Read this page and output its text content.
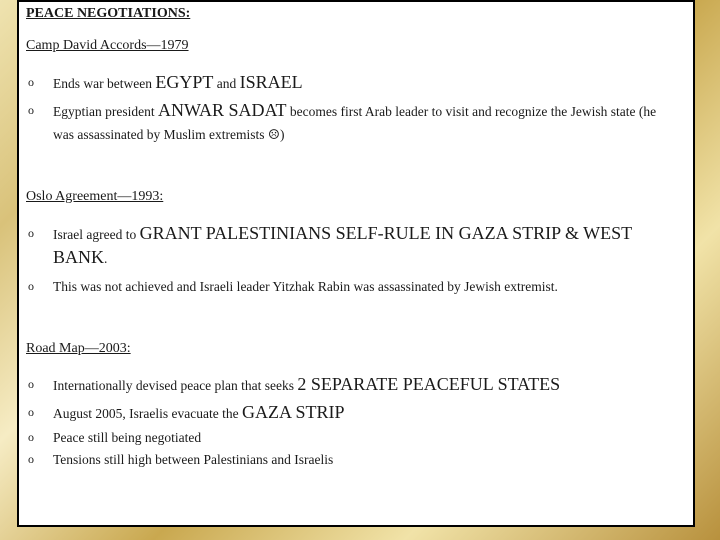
PEACE NEGOTIATIONS:
Camp David Accords—1979
o Ends war between EGYPT and ISRAEL
o Egyptian president ANWAR SADAT becomes first Arab leader to visit and recognize the Jewish state (he was assassinated by Muslim extremists ☹)
Oslo Agreement—1993:
o Israel agreed to GRANT PALESTINIANS SELF-RULE IN GAZA STRIP & WEST BANK.
o This was not achieved and Israeli leader Yitzhak Rabin was assassinated by Jewish extremist.
Road Map—2003:
o Internationally devised peace plan that seeks 2 SEPARATE PEACEFUL STATES
o August 2005, Israelis evacuate the GAZA STRIP
o Peace still being negotiated
o Tensions still high between Palestinians and Israelis
